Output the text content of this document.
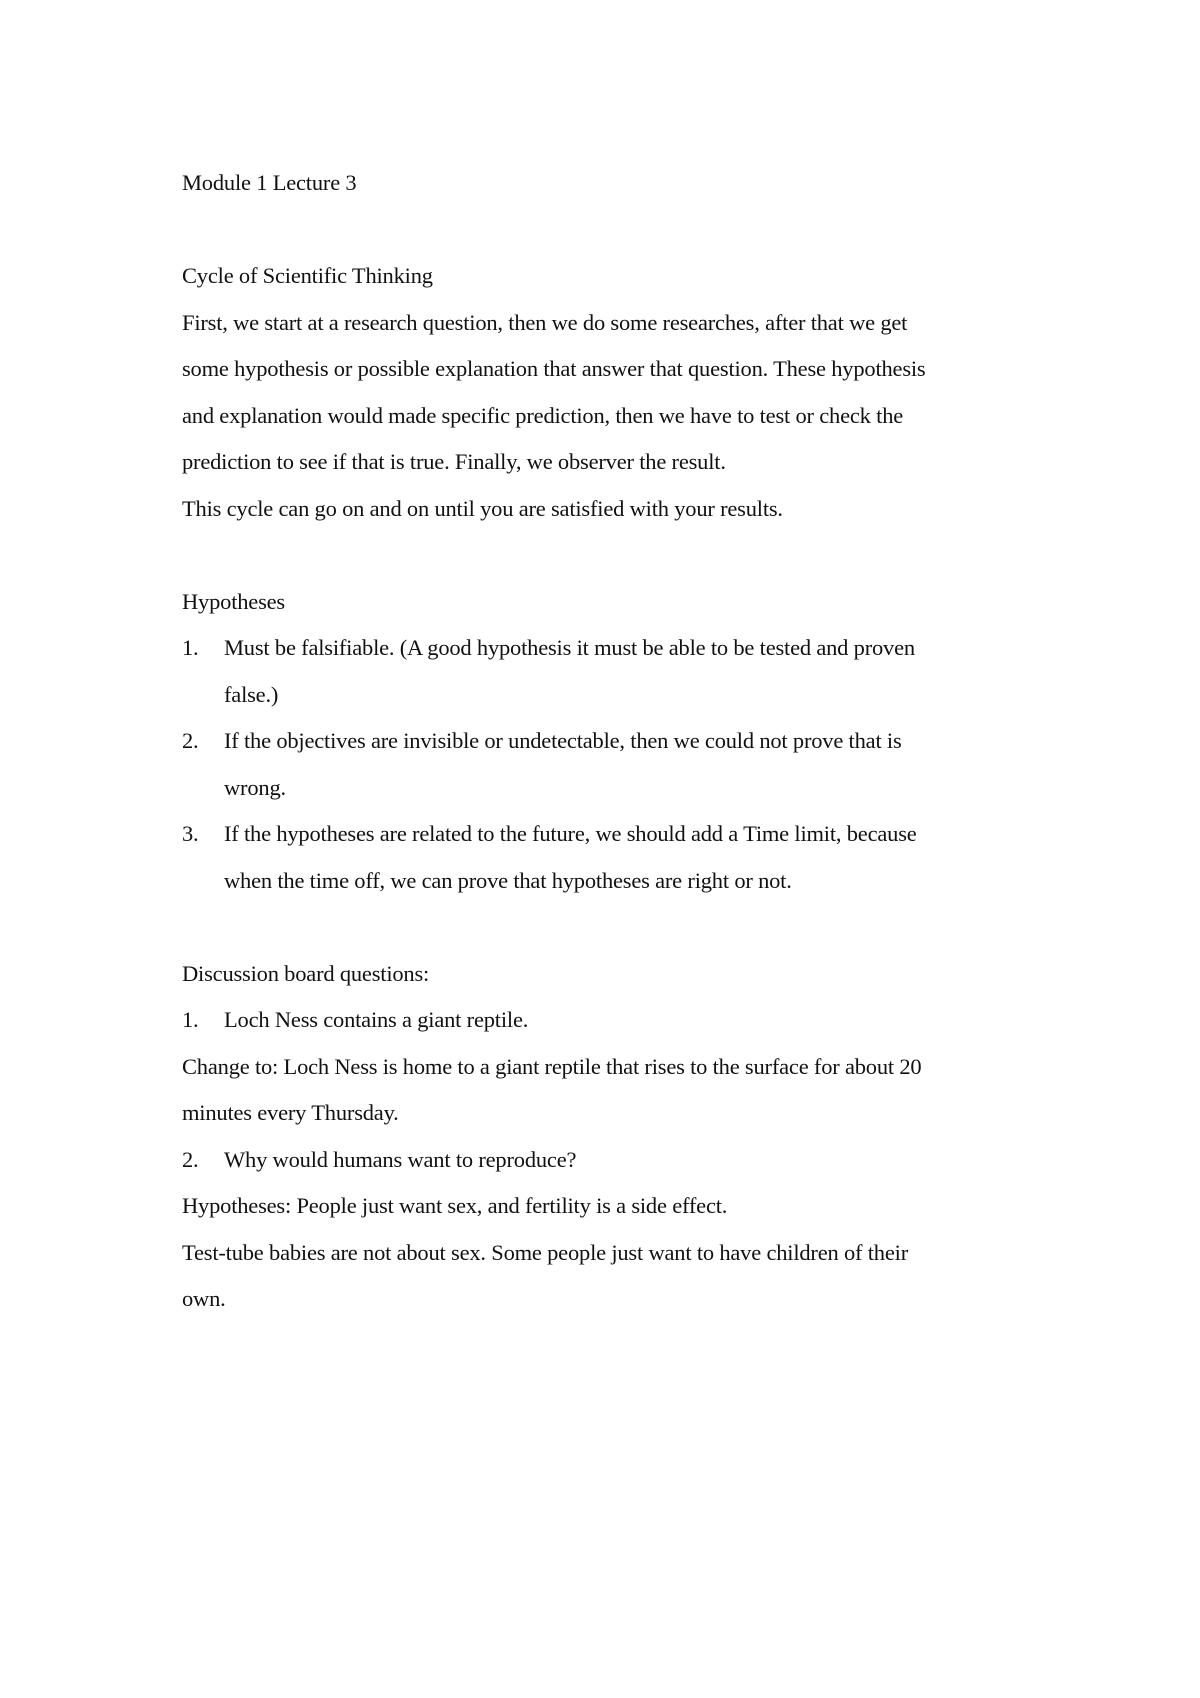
Module 1 Lecture 3

Cycle of Scientific Thinking

First, we start at a research question, then we do some researches, after that we get

some hypothesis or possible explanation that answer that question. These hypothesis

and explanation would made specific prediction, then we have to test or check the

prediction to see if that is true. Finally, we observer the result.

This cycle can go on and on until you are satisfied with your results.

Hypotheses

1. Must be falsifiable. (A good hypothesis it must be able to be tested and proven
false.)
2. If the objectives are invisible or undetectable, then we could not prove that is
wrong.
3. If the hypotheses are related to the future, we should add a Time limit, because
when the time off, we can prove that hypotheses are right or not.

Discussion board questions:

1. Loch Ness contains a giant reptile.

Change to: Loch Ness is home to a giant reptile that rises to the surface for about 20

minutes every Thursday.

2. Why would humans want to reproduce?

Hypotheses: People just want sex, and fertility is a side effect.

Test-tube babies are not about sex. Some people just want to have children of their

own.
